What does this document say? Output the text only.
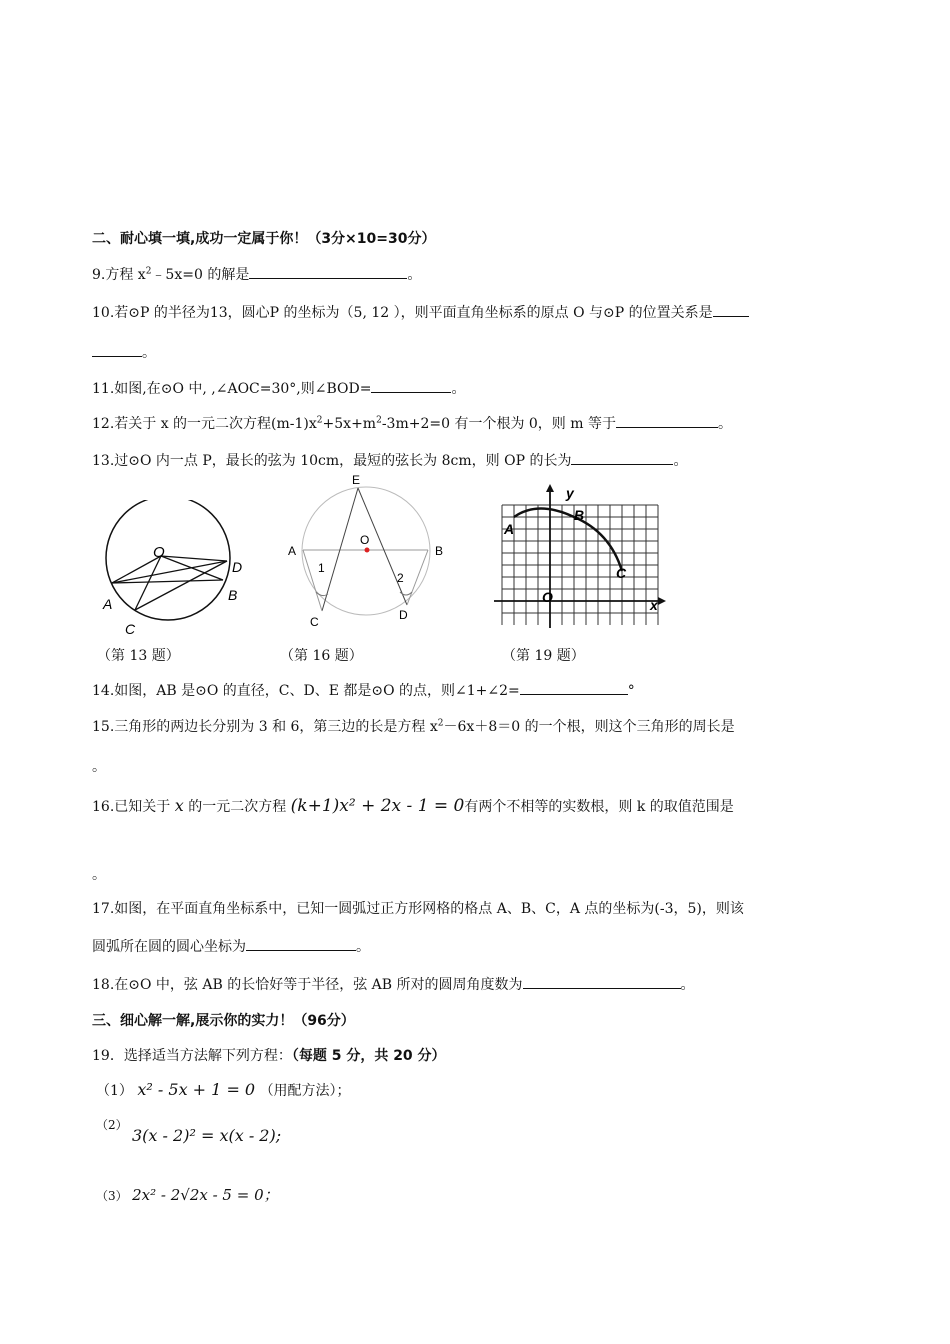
二、耐心填一填,成功一定属于你！（3分×10=30分）
9.方程 $x^2﹣5x=0$ 的解是	。
10.若⊙P 的半径为13，圆心P 的坐标为（5, 12 ），则平面直角坐标系的原点 O 与⊙P 的位置关系是
。
11.如图,在⊙O 中, ,∠AOC=30°,则∠BOD=	。
12.若关于 x 的一元二次方程$(m-1)x^2+5x+m^2-3m+2=0$ 有一个根为 0，则 m 等于	。
13.过⊙O 内一点 P，最长的弦为 10cm，最短的弦长为 8cm，则 OP 的长为	。
O
A
B
C
D
（第 13 题）
E
A
O
B
C	D
1
2
（第 16 题）
y
x
O
A
B
C
（第 19 题）
14.如图，AB 是⊙O 的直径，C、D、E 都是⊙O 的点，则∠1+∠2=	°
15.三角形的两边长分别为 3 和 6，第三边的长是方程 $x^2-6x+8=0$ 的一个根，则这个三角形的周长是
。
16.已知关于 x 的一元二次方程 (k+1)x² + 2x - 1 = 0有两个不相等的实数根，则 k 的取值范围是
。
17.如图，在平面直角坐标系中，已知一圆弧过正方形网格的格点 A、B、C，A 点的坐标为(-3，5)，则该
圆弧所在圆的圆心坐标为	。
18.在⊙O 中，弦 AB 的长恰好等于半径，弦 AB 所对的圆周角度数为	。
三、细心解一解,展示你的实力！（96分）
19．选择适当方法解下列方程：（每题 5 分，共 20 分）
（1） x² - 5x + 1 = 0 （用配方法）；
（2）
3(x - 2)² = x(x - 2);
（3） 2x² - 2√2x - 5 = 0；
